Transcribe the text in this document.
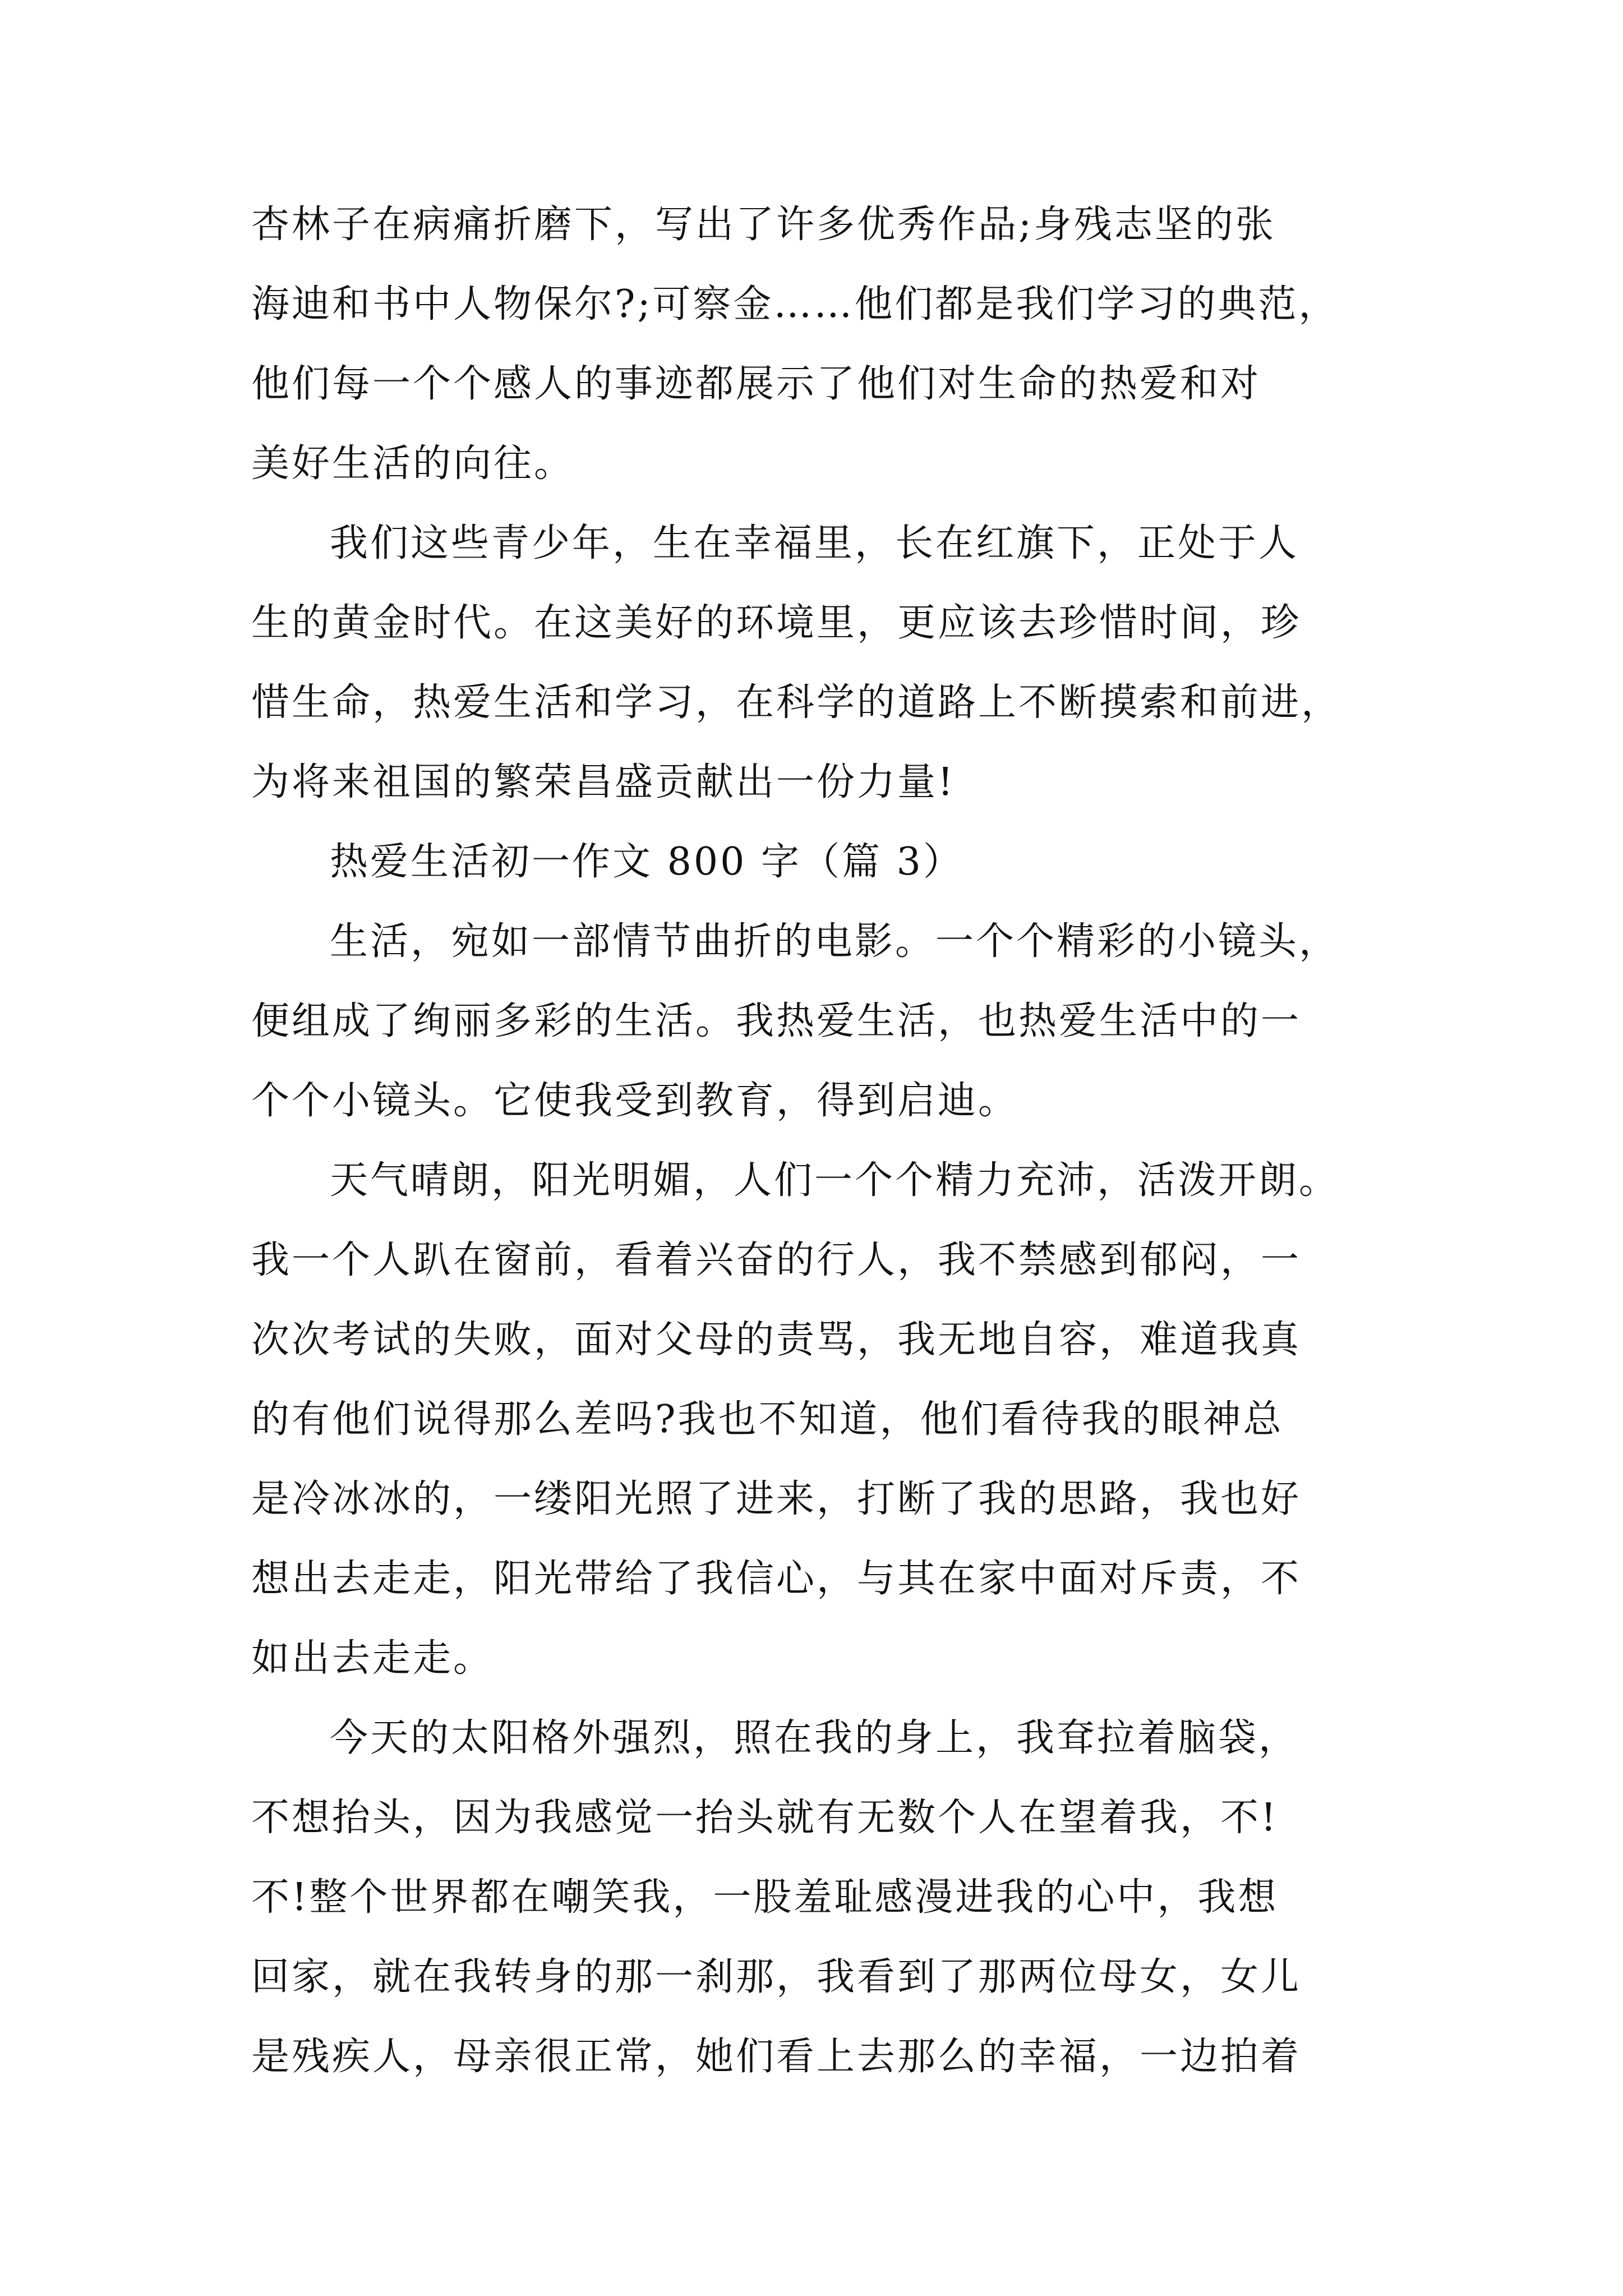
杏林子在病痛折磨下，写出了许多优秀作品;身残志坚的张
海迪和书中人物保尔?;可察金……他们都是我们学习的典范，
他们每一个个感人的事迹都展示了他们对生命的热爱和对
美好生活的向往。
我们这些青少年，生在幸福里，长在红旗下，正处于人
生的黄金时代。在这美好的环境里，更应该去珍惜时间，珍
惜生命，热爱生活和学习，在科学的道路上不断摸索和前进，
为将来祖国的繁荣昌盛贡献出一份力量!
热爱生活初一作文 800 字（篇 3）
生活，宛如一部情节曲折的电影。一个个精彩的小镜头，
便组成了绚丽多彩的生活。我热爱生活，也热爱生活中的一
个个小镜头。它使我受到教育，得到启迪。
天气晴朗，阳光明媚，人们一个个精力充沛，活泼开朗。
我一个人趴在窗前，看着兴奋的行人，我不禁感到郁闷，一
次次考试的失败，面对父母的责骂，我无地自容，难道我真
的有他们说得那么差吗?我也不知道，他们看待我的眼神总
是冷冰冰的，一缕阳光照了进来，打断了我的思路，我也好
想出去走走，阳光带给了我信心，与其在家中面对斥责，不
如出去走走。
今天的太阳格外强烈，照在我的身上，我耷拉着脑袋，
不想抬头，因为我感觉一抬头就有无数个人在望着我，不!
不!整个世界都在嘲笑我，一股羞耻感漫进我的心中，我想
回家，就在我转身的那一刹那，我看到了那两位母女，女儿
是残疾人，母亲很正常，她们看上去那么的幸福，一边拍着
